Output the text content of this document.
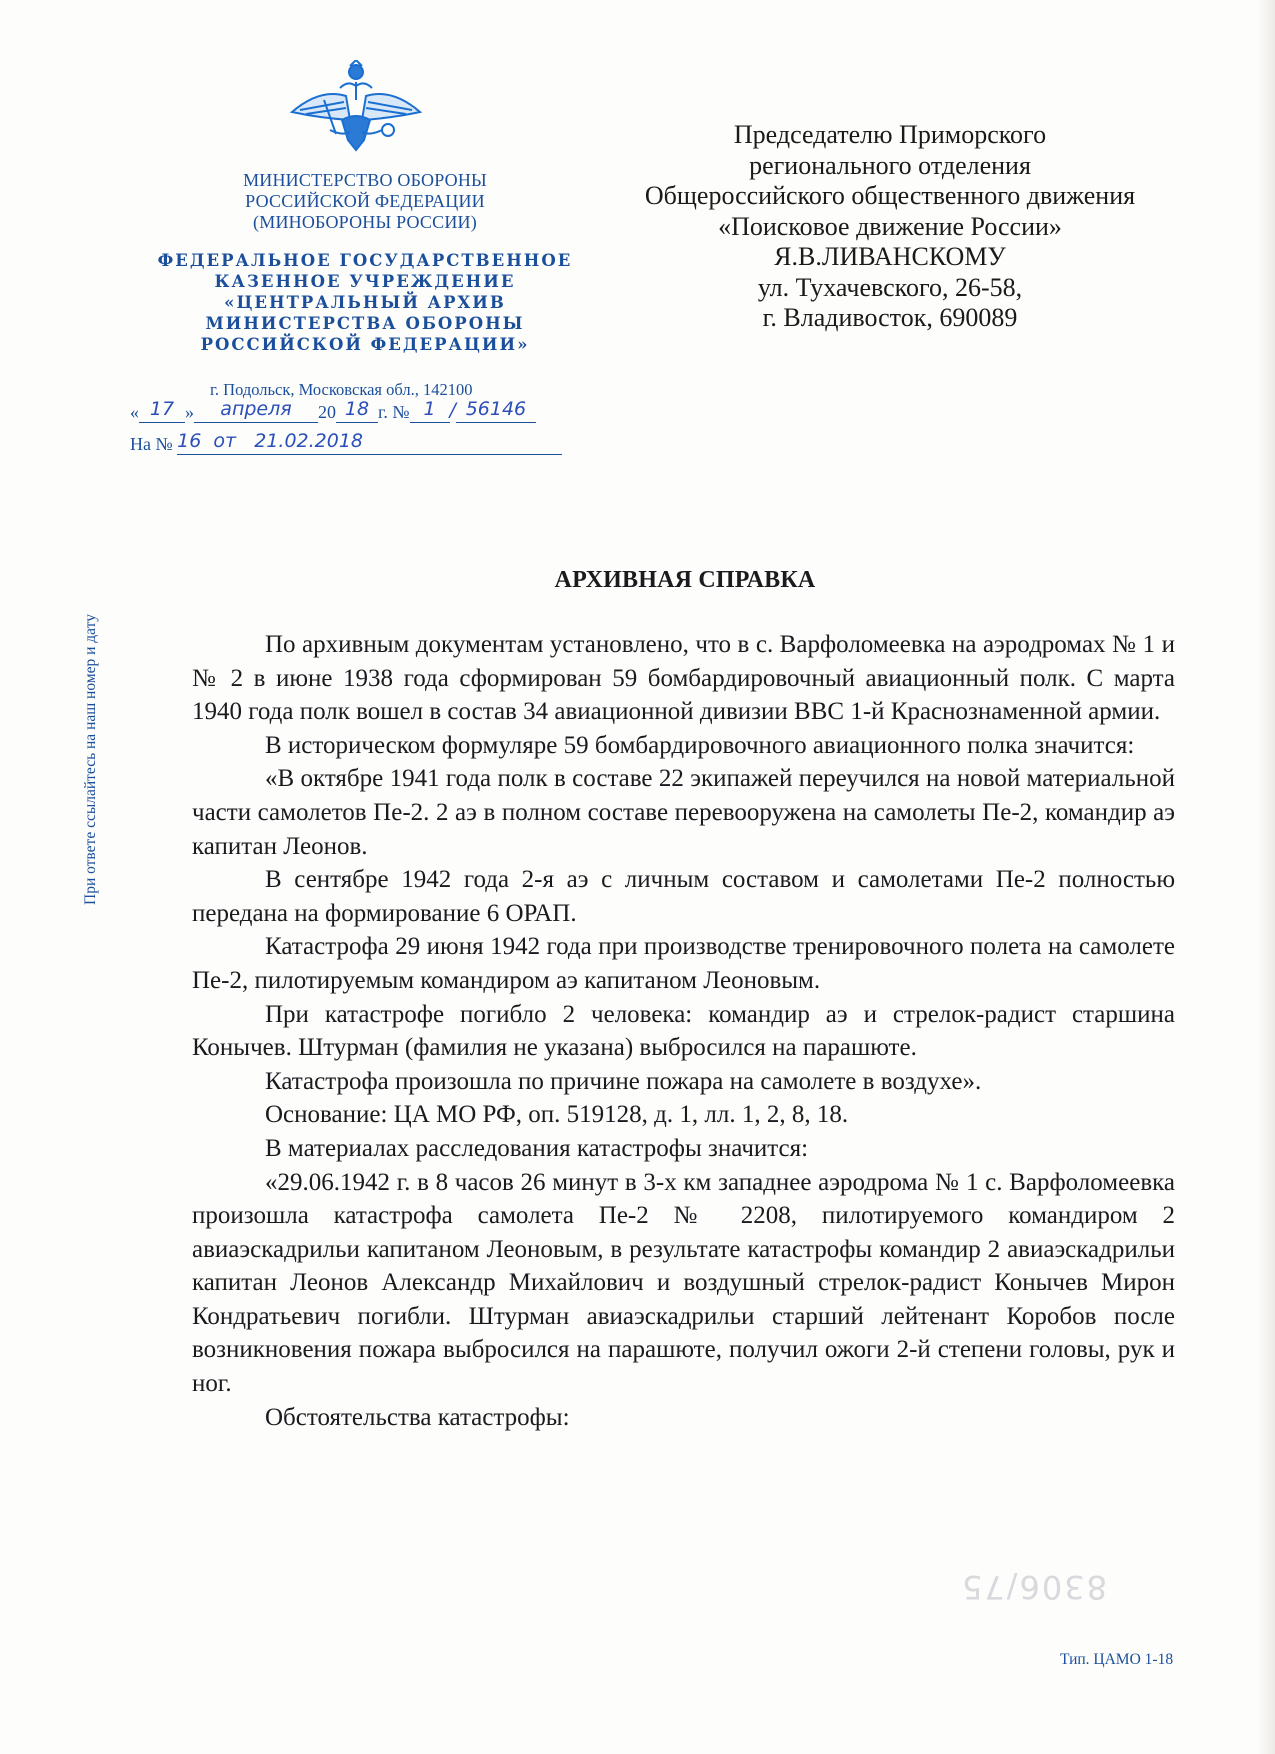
МИНИСТЕРСТВО ОБОРОНЫ
РОССИЙСКОЙ ФЕДЕРАЦИИ
(МИНОБОРОНЫ РОССИИ)
ФЕДЕРАЛЬНОЕ ГОСУДАРСТВЕННОЕ
КАЗЕННОЕ УЧРЕЖДЕНИЕ
«ЦЕНТРАЛЬНЫЙ АРХИВ
МИНИСТЕРСТВА ОБОРОНЫ
РОССИЙСКОЙ ФЕДЕРАЦИИ»
г. Подольск, Московская обл., 142100
« 17 » апреля 20 18 г. № 1 / 56146
На № 16  от   21.02.2018
Председателю Приморского
регионального отделения
Общероссийского общественного движения
«Поисковое движение России»
Я.В.ЛИВАНСКОМУ
ул. Тухачевского, 26-58,
г. Владивосток, 690089
При ответе ссылайтесь на наш номер и дату
АРХИВНАЯ СПРАВКА

По архивным документам установлено, что в с. Варфоломеевка на аэродромах № 1 и № 2 в июне 1938 года сформирован 59 бомбардировочный авиационный полк. С марта 1940 года полк вошел в состав 34 авиационной дивизии ВВС 1-й Краснознаменной армии.

В историческом формуляре 59 бомбардировочного авиационного полка значится:

«В октябре 1941 года полк в составе 22 экипажей переучился на новой материальной части самолетов Пе-2. 2 аэ в полном составе перевооружена на самолеты Пе-2, командир аэ капитан Леонов.

В сентябре 1942 года 2-я аэ с личным составом и самолетами Пе-2 полностью передана на формирование 6 ОРАП.

Катастрофа 29 июня 1942 года при производстве тренировочного полета на самолете Пе-2, пилотируемым командиром аэ капитаном Леоновым.

При катастрофе погибло 2 человека: командир аэ и стрелок-радист старшина Конычев. Штурман (фамилия не указана) выбросился на парашюте.

Катастрофа произошла по причине пожара на самолете в воздухе».

Основание: ЦА МО РФ, оп. 519128, д. 1, лл. 1, 2, 8, 18.

В материалах расследования катастрофы значится:

«29.06.1942 г. в 8 часов 26 минут в 3-х км западнее аэродрома № 1 с. Варфоломеевка произошла катастрофа самолета Пе-2 № 2208, пилотируемого командиром 2 авиаэскадрильи капитаном Леоновым, в результате катастрофы командир 2 авиаэскадрильи капитан Леонов Александр Михайлович и воздушный стрелок-радист Конычев Мирон Кондратьевич погибли. Штурман авиаэскадрильи старший лейтенант Коробов после возникновения пожара выбросился на парашюте, получил ожоги 2-й степени головы, рук и ног.

Обстоятельства катастрофы:

8306/75
Тип. ЦАМО 1-18
